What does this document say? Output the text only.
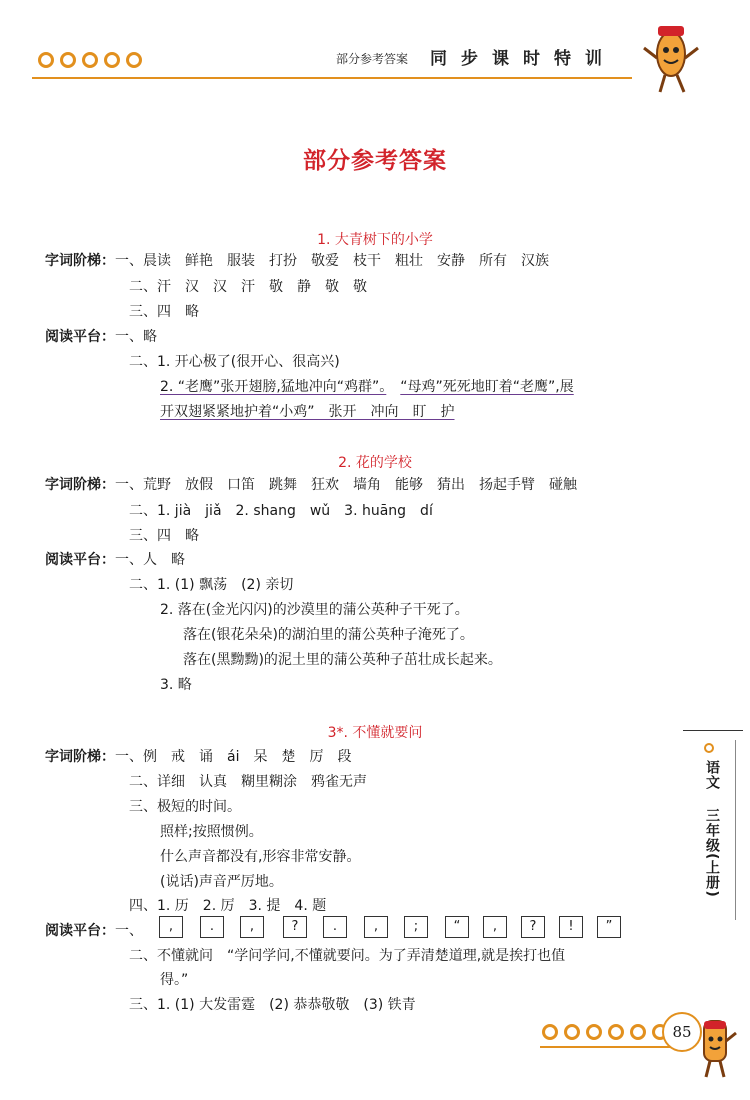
部分参考答案 同步课时特训
部分参考答案
1. 大青树下的小学
字词阶梯：一、晨读　鲜艳　服装　打扮　敬爱　枝干　粗壮　安静　所有　汉族
二、汗　汉　汉　汗　敬　静　敬　敬
三、四　略
阅读平台：一、略
二、1. 开心极了(很开心、很高兴)
2. “老鹰”张开翅膀,猛地冲向“鸡群”。　 “母鸡”死死地盯着“老鹰”,展
开双翅紧紧地护着“小鸡”　张开　冲向　盯　护
2. 花的学校
字词阶梯：一、荒野　放假　口笛　跳舞　狂欢　墙角　能够　猜出　扬起手臂　碰触
二、1. jià　jiǎ　2. shang　wǔ　3. huāng　dí
三、四　略
阅读平台：一、人　略
二、1. (1) 飘荡　(2) 亲切
2. 落在(金光闪闪)的沙漠里的蒲公英种子干死了。
落在(银花朵朵)的湖泊里的蒲公英种子淹死了。
落在(黑黝黝)的泥土里的蒲公英种子茁壮成长起来。
3. 略
3*. 不懂就要问
字词阶梯：一、例　戒　诵　ái　呆　楚　厉　段
二、详细　认真　糊里糊涂　鸦雀无声
三、极短的时间。
照样;按照惯例。
什么声音都没有,形容非常安静。
(说话)声音严厉地。
四、1. 历　2. 厉　3. 提　4. 题
阅读平台：一、	,	.	,	?	.	,	;	“	,	?	!	”
二、不懂就问　“学问学问,不懂就要问。为了弄清楚道理,就是挨打也值
得。”
三、1. (1) 大发雷霆　(2) 恭恭敬敬　(3) 铁青
语文
三年级(上册)
85
